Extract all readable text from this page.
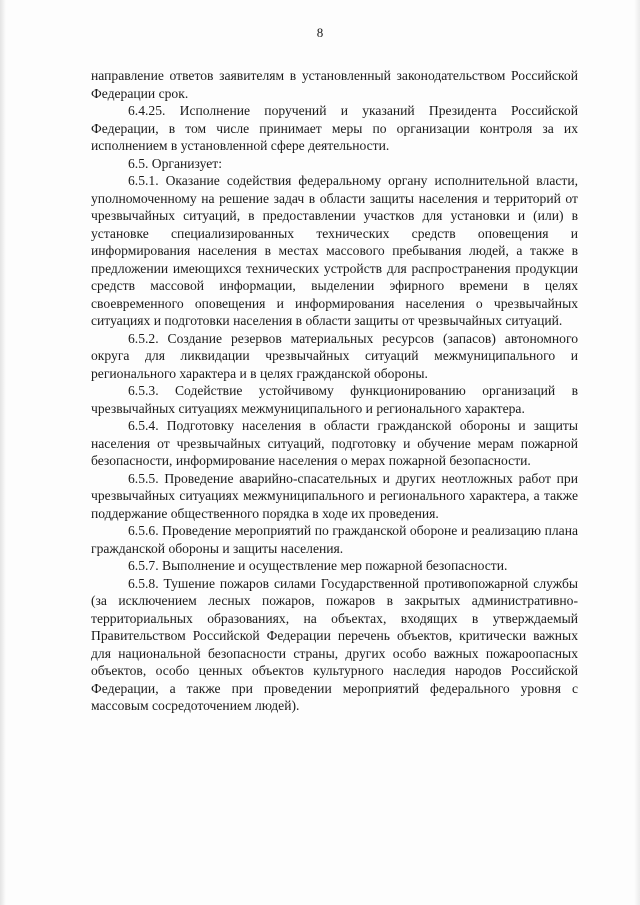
8

направление ответов заявителям в установленный законодательством Российской Федерации срок.

6.4.25. Исполнение поручений и указаний Президента Российской Федерации, в том числе принимает меры по организации контроля за их исполнением в установленной сфере деятельности.

6.5. Организует:

6.5.1. Оказание содействия федеральному органу исполнительной власти, уполномоченному на решение задач в области защиты населения и территорий от чрезвычайных ситуаций, в предоставлении участков для установки и (или) в установке специализированных технических средств оповещения и информирования населения в местах массового пребывания людей, а также в предложении имеющихся технических устройств для распространения продукции средств массовой информации, выделении эфирного времени в целях своевременного оповещения и информирования населения о чрезвычайных ситуациях и подготовки населения в области защиты от чрезвычайных ситуаций.

6.5.2. Создание резервов материальных ресурсов (запасов) автономного округа для ликвидации чрезвычайных ситуаций межмуниципального и регионального характера и в целях гражданской обороны.

6.5.3. Содействие устойчивому функционированию организаций в чрезвычайных ситуациях межмуниципального и регионального характера.

6.5.4. Подготовку населения в области гражданской обороны и защиты населения от чрезвычайных ситуаций, подготовку и обучение мерам пожарной безопасности, информирование населения о мерах пожарной безопасности.

6.5.5. Проведение аварийно-спасательных и других неотложных работ при чрезвычайных ситуациях межмуниципального и регионального характера, а также поддержание общественного порядка в ходе их проведения.

6.5.6. Проведение мероприятий по гражданской обороне и реализацию плана гражданской обороны и защиты населения.

6.5.7. Выполнение и осуществление мер пожарной безопасности.

6.5.8. Тушение пожаров силами Государственной противопожарной службы (за исключением лесных пожаров, пожаров в закрытых административно-территориальных образованиях, на объектах, входящих в утверждаемый Правительством Российской Федерации перечень объектов, критически важных для национальной безопасности страны, других особо важных пожароопасных объектов, особо ценных объектов культурного наследия народов Российской Федерации, а также при проведении мероприятий федерального уровня с массовым сосредоточением людей).
